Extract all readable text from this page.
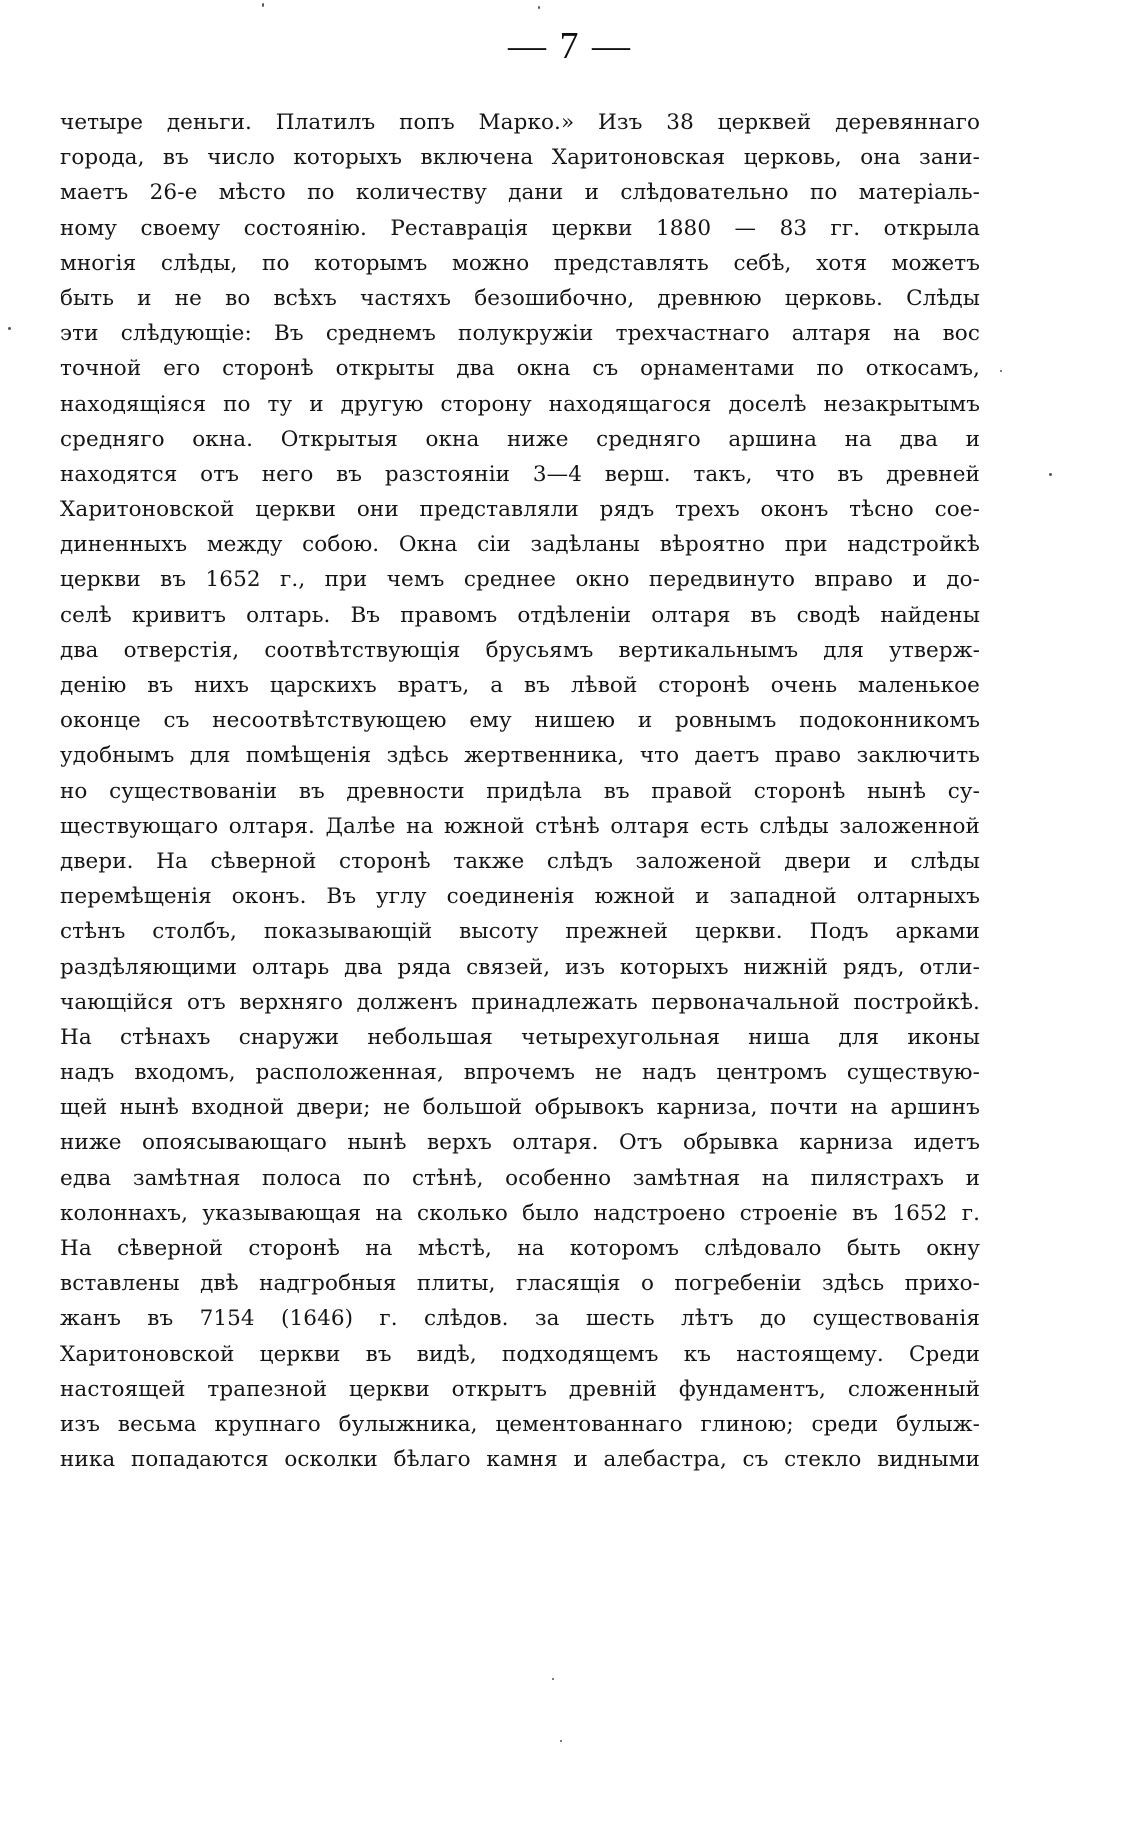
— 7 —
четыре деньги. Платилъ попъ Марко.» Изъ 38 церквей деревяннаго
города, въ число которыхъ включена Харитоновская церковь, она зани-
маетъ 26-е мѣсто по количеству дани и слѣдовательно по матеріаль-
ному своему состоянію. Реставрація церкви 1880 — 83 гг. открыла
многія слѣды, по которымъ можно представлять себѣ, хотя можетъ
быть и не во всѣхъ частяхъ безошибочно, древнюю церковь. Слѣды
эти слѣдующіе: Въ среднемъ полукружіи трехчастнаго алтаря на вос
точной его сторонѣ открыты два окна съ орнаментами по откосамъ,
находящіяся по ту и другую сторону находящагося доселѣ незакрытымъ
средняго окна. Открытыя окна ниже средняго аршина на два и
находятся отъ него въ разстояніи 3—4 верш. такъ, что въ древней
Харитоновской церкви они представляли рядъ трехъ оконъ тѣсно сое-
диненныхъ между собою. Окна сіи задѣланы вѣроятно при надстройкѣ
церкви въ 1652 г., при чемъ среднее окно передвинуто вправо и до-
селѣ кривитъ олтарь. Въ правомъ отдѣленіи олтаря въ сводѣ найдены
два отверстія, соотвѣтствующія брусьямъ вертикальнымъ для утверж-
денію въ нихъ царскихъ вратъ, а въ лѣвой сторонѣ очень маленькое
оконце съ несоотвѣтствующею ему нишею и ровнымъ подоконникомъ
удобнымъ для помѣщенія здѣсь жертвенника, что даетъ право заключить
но существованіи въ древности придѣла въ правой сторонѣ нынѣ су-
ществующаго олтаря. Далѣе на южной стѣнѣ олтаря есть слѣды заложенной
двери. На сѣверной сторонѣ также слѣдъ заложеной двери и слѣды
перемѣщенія оконъ. Въ углу соединенія южной и западной олтарныхъ
стѣнъ столбъ, показывающій высоту прежней церкви. Подъ арками
раздѣляющими олтарь два ряда связей, изъ которыхъ нижній рядъ, отли-
чающійся отъ верхняго долженъ принадлежать первоначальной постройкѣ.
На стѣнахъ снаружи небольшая четырехугольная ниша для иконы
надъ входомъ, расположенная, впрочемъ не надъ центромъ существую-
щей нынѣ входной двери; не большой обрывокъ карниза, почти на аршинъ
ниже опоясывающаго нынѣ верхъ олтаря. Отъ обрывка карниза идетъ
едва замѣтная полоса по стѣнѣ, особенно замѣтная на пилястрахъ и
колоннахъ, указывающая на сколько было надстроено строеніе въ 1652 г.
На сѣверной сторонѣ на мѣстѣ, на которомъ слѣдовало быть окну
вставлены двѣ надгробныя плиты, гласящія о погребеніи здѣсь прихо-
жанъ въ 7154 (1646) г. слѣдов. за шесть лѣтъ до существованія
Харитоновской церкви въ видѣ, подходящемъ къ настоящему. Среди
настоящей трапезной церкви открытъ древній фундаментъ, сложенный
изъ весьма крупнаго булыжника, цементованнаго глиною; среди булыж-
ника попадаются осколки бѣлаго камня и алебастра, съ стекло видными
